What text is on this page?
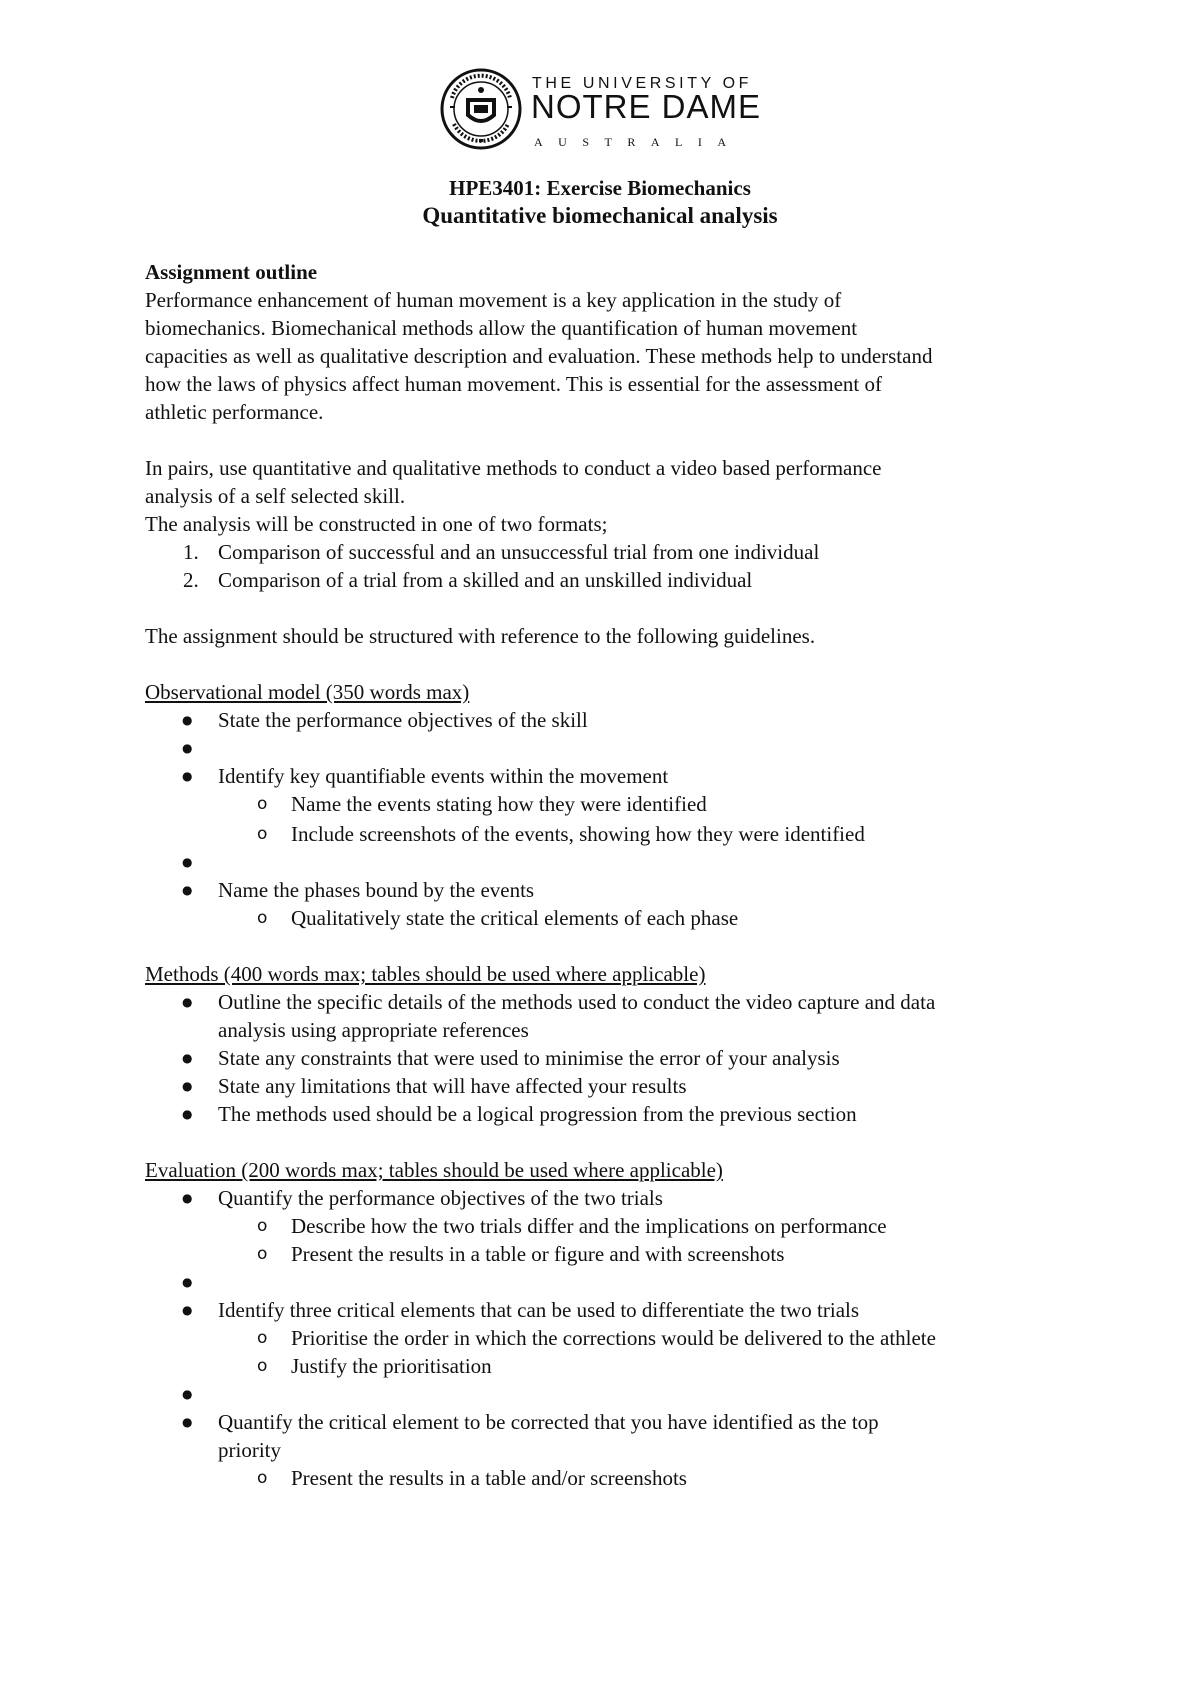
THE UNIVERSITY OF
NOTRE DAME
AUSTRALIA
HPE3401: Exercise Biomechanics
Quantitative biomechanical analysis

Assignment outline

Performance enhancement of human movement is a key application in the study of

biomechanics. Biomechanical methods allow the quantification of human movement

capacities as well as qualitative description and evaluation. These methods help to understand

how the laws of physics affect human movement. This is essential for the assessment of

athletic performance.

In pairs, use quantitative and qualitative methods to conduct a video based performance

analysis of a self selected skill.

The analysis will be constructed in one of two formats;

1. Comparison of successful and an unsuccessful trial from one individual
2. Comparison of a trial from a skilled and an unskilled individual

The assignment should be structured with reference to the following guidelines.

Observational model (350 words max)

● State the performance objectives of the skill
●
● Identify key quantifiable events within the movement
o Name the events stating how they were identified
o Include screenshots of the events, showing how they were identified
●
● Name the phases bound by the events
o Qualitatively state the critical elements of each phase

Methods (400 words max; tables should be used where applicable)

● Outline the specific details of the methods used to conduct the video capture and data
analysis using appropriate references
● State any constraints that were used to minimise the error of your analysis
● State any limitations that will have affected your results
● The methods used should be a logical progression from the previous section

Evaluation (200 words max; tables should be used where applicable)

● Quantify the performance objectives of the two trials
o Describe how the two trials differ and the implications on performance
o Present the results in a table or figure and with screenshots
●
● Identify three critical elements that can be used to differentiate the two trials
o Prioritise the order in which the corrections would be delivered to the athlete
o Justify the prioritisation
●
● Quantify the critical element to be corrected that you have identified as the top
priority
o Present the results in a table and/or screenshots
